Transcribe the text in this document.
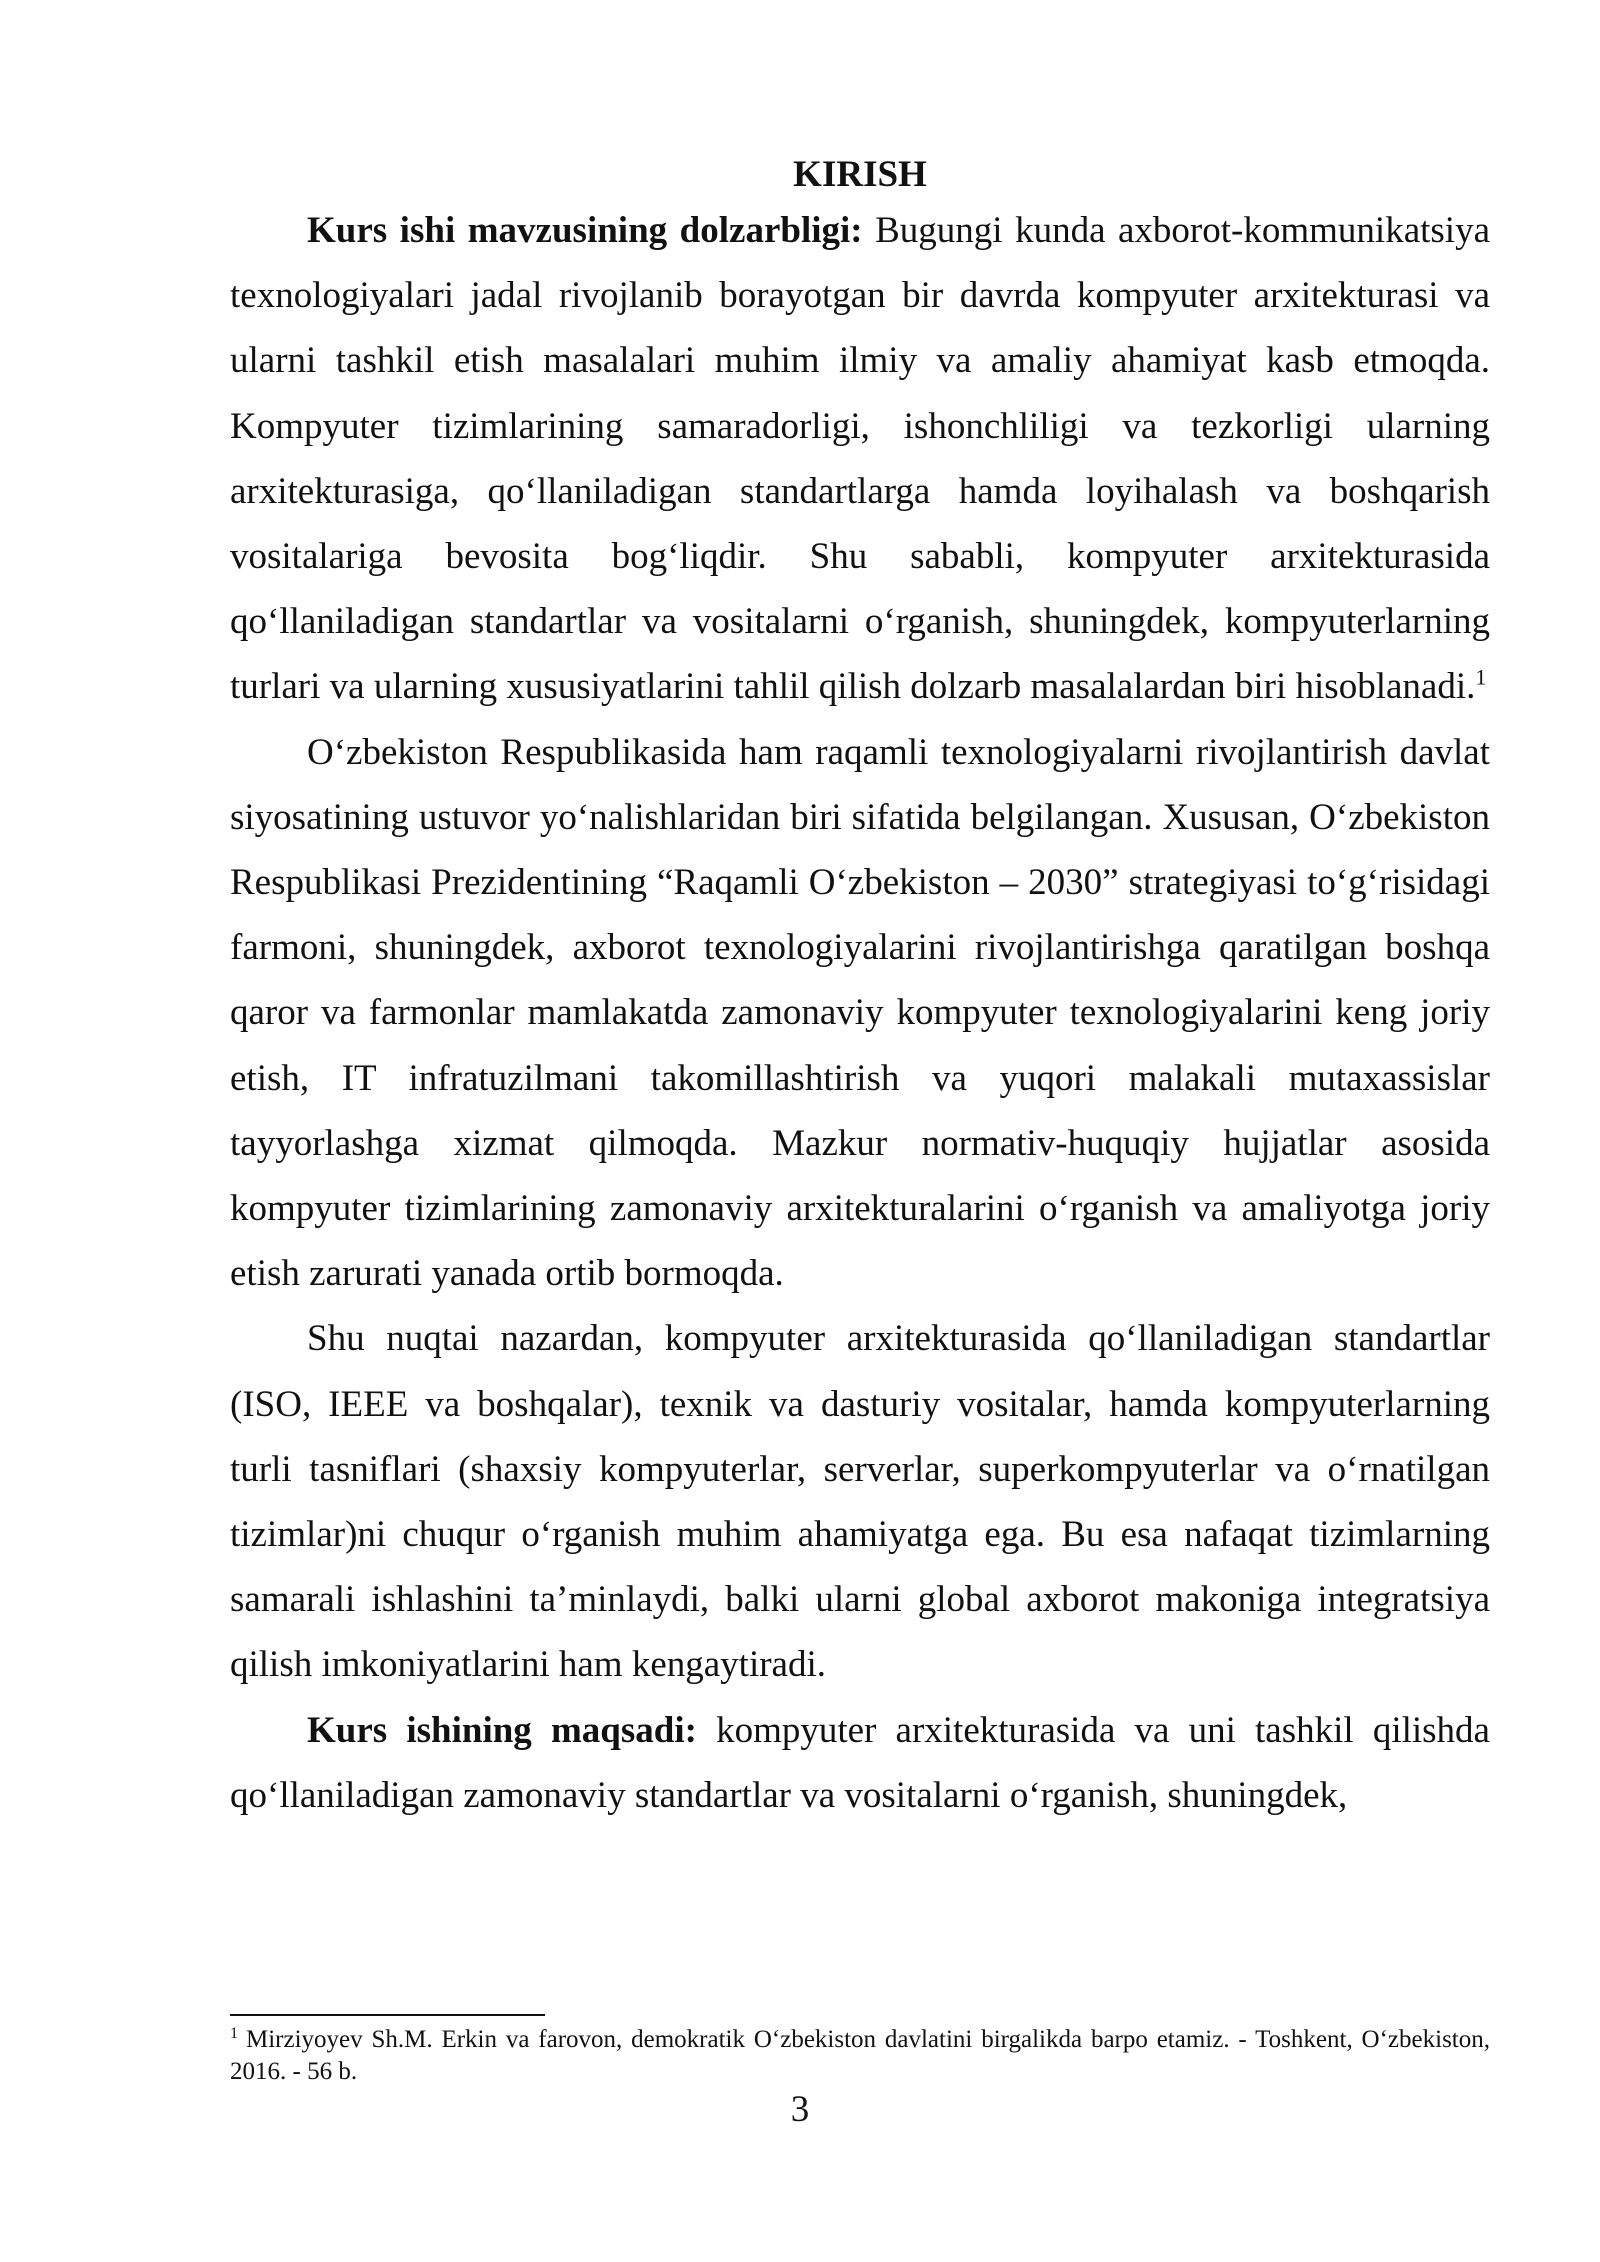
KIRISH

Kurs ishi mavzusining dolzarbligi: Bugungi kunda axborot-kommunikatsiya texnologiyalari jadal rivojlanib borayotgan bir davrda kompyuter arxitekturasi va ularni tashkil etish masalalari muhim ilmiy va amaliy ahamiyat kasb etmoqda. Kompyuter tizimlarining samaradorligi, ishonchliligi va tezkorligi ularning arxitekturasiga, qo‘llaniladigan standartlarga hamda loyihalash va boshqarish vositalariga bevosita bog‘liqdir. Shu sababli, kompyuter arxitekturasida qo‘llaniladigan standartlar va vositalarni o‘rganish, shuningdek, kompyuterlarning turlari va ularning xususiyatlarini tahlil qilish dolzarb masalalardan biri hisoblanadi.$^1$

O‘zbekiston Respublikasida ham raqamli texnologiyalarni rivojlantirish davlat siyosatining ustuvor yo‘nalishlaridan biri sifatida belgilangan. Xususan, O‘zbekiston Respublikasi Prezidentining “Raqamli O‘zbekiston – 2030” strategiyasi to‘g‘risidagi farmoni, shuningdek, axborot texnologiyalarini rivojlantirishga qaratilgan boshqa qaror va farmonlar mamlakatda zamonaviy kompyuter texnologiyalarini keng joriy etish, IT infratuzilmani takomillashtirish va yuqori malakali mutaxassislar tayyorlashga xizmat qilmoqda. Mazkur normativ-huquqiy hujjatlar asosida kompyuter tizimlarining zamonaviy arxitekturalarini o‘rganish va amaliyotga joriy etish zarurati yanada ortib bormoqda.

Shu nuqtai nazardan, kompyuter arxitekturasida qo‘llaniladigan standartlar (ISO, IEEE va boshqalar), texnik va dasturiy vositalar, hamda kompyuterlarning turli tasniflari (shaxsiy kompyuterlar, serverlar, superkompyuterlar va o‘rnatilgan tizimlar)ni chuqur o‘rganish muhim ahamiyatga ega. Bu esa nafaqat tizimlarning samarali ishlashini ta’minlaydi, balki ularni global axborot makoniga integratsiya qilish imkoniyatlarini ham kengaytiradi.

Kurs ishining maqsadi: kompyuter arxitekturasida va uni tashkil qilishda qo‘llaniladigan zamonaviy standartlar va vositalarni o‘rganish, shuningdek,

$^1$ Mirziyoyev Sh.M. Erkin va farovon, demokratik O‘zbekiston davlatini birgalikda barpo etamiz. - Toshkent, O‘zbekiston, 2016. - 56 b.
3
